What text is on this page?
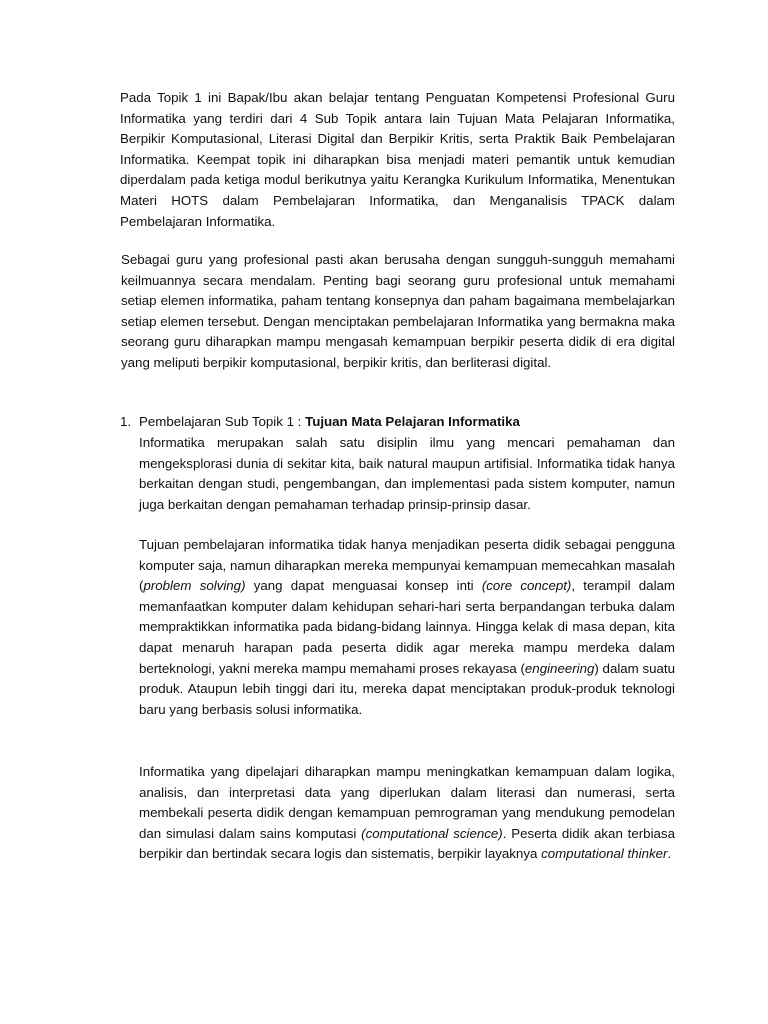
Pada Topik 1 ini Bapak/Ibu akan belajar tentang Penguatan Kompetensi Profesional Guru Informatika yang terdiri dari 4 Sub Topik antara lain Tujuan Mata Pelajaran Informatika, Berpikir Komputasional, Literasi Digital dan Berpikir Kritis, serta Praktik Baik Pembelajaran Informatika. Keempat topik ini diharapkan bisa menjadi materi pemantik untuk kemudian diperdalam pada ketiga modul berikutnya yaitu Kerangka Kurikulum Informatika, Menentukan Materi HOTS dalam Pembelajaran Informatika, dan Menganalisis TPACK dalam Pembelajaran Informatika.

Sebagai guru yang profesional pasti akan berusaha dengan sungguh-sungguh memahami keilmuannya secara mendalam. Penting bagi seorang guru profesional untuk memahami setiap elemen informatika, paham tentang konsepnya dan paham bagaimana membelajarkan setiap elemen tersebut. Dengan menciptakan pembelajaran Informatika yang bermakna maka seorang guru diharapkan mampu mengasah kemampuan berpikir peserta didik di era digital yang meliputi berpikir komputasional, berpikir kritis, dan berliterasi digital.

1. Pembelajaran Sub Topik 1 : Tujuan Mata Pelajaran Informatika

Informatika merupakan salah satu disiplin ilmu yang mencari pemahaman dan mengeksplorasi dunia di sekitar kita, baik natural maupun artifisial. Informatika tidak hanya berkaitan dengan studi, pengembangan, dan implementasi pada sistem komputer, namun juga berkaitan dengan pemahaman terhadap prinsip-prinsip dasar.

Tujuan pembelajaran informatika tidak hanya menjadikan peserta didik sebagai pengguna komputer saja, namun diharapkan mereka mempunyai kemampuan memecahkan masalah (problem solving) yang dapat menguasai konsep inti (core concept), terampil dalam memanfaatkan komputer dalam kehidupan sehari-hari serta berpandangan terbuka dalam mempraktikkan informatika pada bidang-bidang lainnya. Hingga kelak di masa depan, kita dapat menaruh harapan pada peserta didik agar mereka mampu merdeka dalam berteknologi, yakni mereka mampu memahami proses rekayasa (engineering) dalam suatu produk. Ataupun lebih tinggi dari itu, mereka dapat menciptakan produk-produk teknologi baru yang berbasis solusi informatika.

Informatika yang dipelajari diharapkan mampu meningkatkan kemampuan dalam logika, analisis, dan interpretasi data yang diperlukan dalam literasi dan numerasi, serta membekali peserta didik dengan kemampuan pemrograman yang mendukung pemodelan dan simulasi dalam sains komputasi (computational science). Peserta didik akan terbiasa berpikir dan bertindak secara logis dan sistematis, berpikir layaknya computational thinker.
